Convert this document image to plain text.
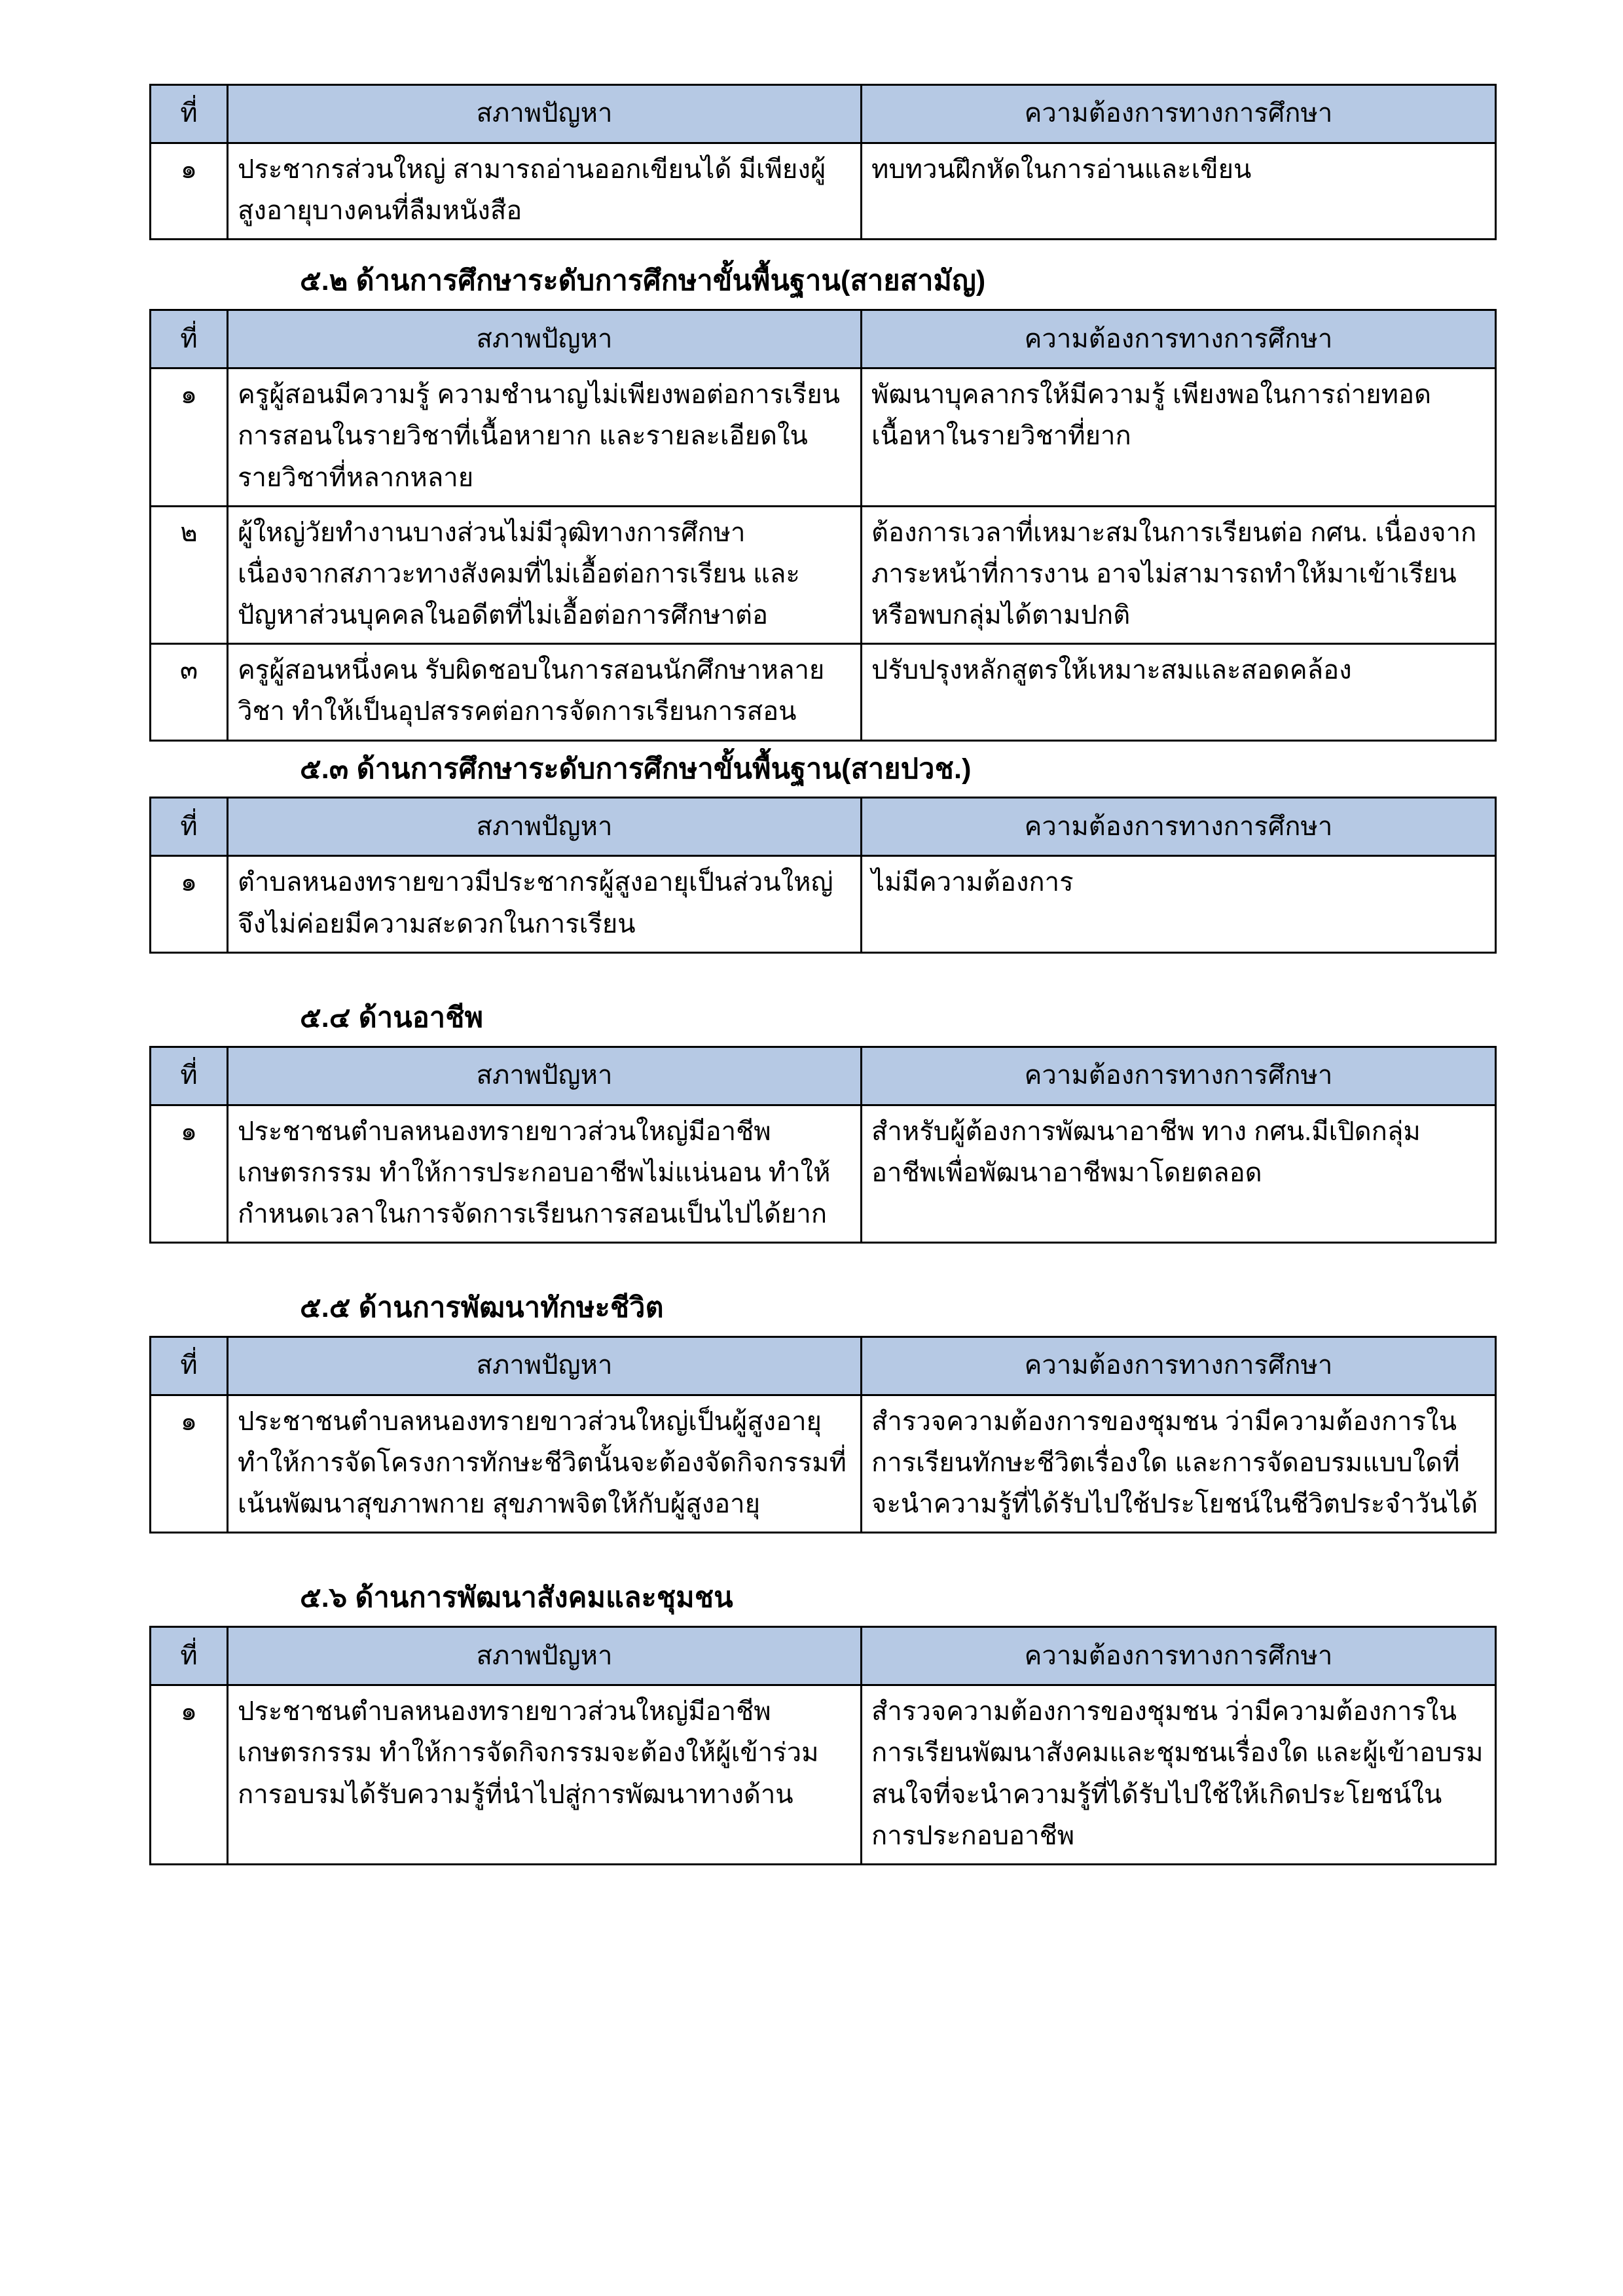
ที่	สภาพปัญหา	ความต้องการทางการศึกษา
๑	ประชากรส่วนใหญ่ สามารถอ่านออกเขียนได้ มีเพียงผู้สูงอายุบางคนที่ลืมหนังสือ	ทบทวนฝึกหัดในการอ่านและเขียน
๕.๒ ด้านการศึกษาระดับการศึกษาขั้นพื้นฐาน(สายสามัญ)
ที่	สภาพปัญหา	ความต้องการทางการศึกษา
๑	ครูผู้สอนมีความรู้ ความชำนาญไม่เพียงพอต่อการเรียนการสอนในรายวิชาที่เนื้อหายาก และรายละเอียดในรายวิชาที่หลากหลาย	พัฒนาบุคลากรให้มีความรู้ เพียงพอในการถ่ายทอดเนื้อหาในรายวิชาที่ยาก
๒	ผู้ใหญ่วัยทำงานบางส่วนไม่มีวุฒิทางการศึกษา เนื่องจากสภาวะทางสังคมที่ไม่เอื้อต่อการเรียน และปัญหาส่วนบุคคลในอดีตที่ไม่เอื้อต่อการศึกษาต่อ	ต้องการเวลาที่เหมาะสมในการเรียนต่อ กศน. เนื่องจากภาระหน้าที่การงาน อาจไม่สามารถทำให้มาเข้าเรียน หรือพบกลุ่มได้ตามปกติ
๓	ครูผู้สอนหนึ่งคน รับผิดชอบในการสอนนักศึกษาหลายวิชา ทำให้เป็นอุปสรรคต่อการจัดการเรียนการสอน	ปรับปรุงหลักสูตรให้เหมาะสมและสอดคล้อง
๕.๓ ด้านการศึกษาระดับการศึกษาขั้นพื้นฐาน(สายปวช.)
ที่	สภาพปัญหา	ความต้องการทางการศึกษา
๑	ตำบลหนองทรายขาวมีประชากรผู้สูงอายุเป็นส่วนใหญ่ จึงไม่ค่อยมีความสะดวกในการเรียน	ไม่มีความต้องการ
๕.๔ ด้านอาชีพ
ที่	สภาพปัญหา	ความต้องการทางการศึกษา
๑	ประชาชนตำบลหนองทรายขาวส่วนใหญ่มีอาชีพเกษตรกรรม ทำให้การประกอบอาชีพไม่แน่นอน ทำให้กำหนดเวลาในการจัดการเรียนการสอนเป็นไปได้ยาก	สำหรับผู้ต้องการพัฒนาอาชีพ ทาง กศน.มีเปิดกลุ่มอาชีพเพื่อพัฒนาอาชีพมาโดยตลอด
๕.๕ ด้านการพัฒนาทักษะชีวิต
ที่	สภาพปัญหา	ความต้องการทางการศึกษา
๑	ประชาชนตำบลหนองทรายขาวส่วนใหญ่เป็นผู้สูงอายุ ทำให้การจัดโครงการทักษะชีวิตนั้นจะต้องจัดกิจกรรมที่เน้นพัฒนาสุขภาพกาย สุขภาพจิตให้กับผู้สูงอายุ	สำรวจความต้องการของชุมชน ว่ามีความต้องการในการเรียนทักษะชีวิตเรื่องใด และการจัดอบรมแบบใดที่จะนำความรู้ที่ได้รับไปใช้ประโยชน์ในชีวิตประจำวันได้
๕.๖ ด้านการพัฒนาสังคมและชุมชน
ที่	สภาพปัญหา	ความต้องการทางการศึกษา
๑	ประชาชนตำบลหนองทรายขาวส่วนใหญ่มีอาชีพเกษตรกรรม ทำให้การจัดกิจกรรมจะต้องให้ผู้เข้าร่วมการอบรมได้รับความรู้ที่นำไปสู่การพัฒนาทางด้าน	สำรวจความต้องการของชุมชน ว่ามีความต้องการในการเรียนพัฒนาสังคมและชุมชนเรื่องใด และผู้เข้าอบรมสนใจที่จะนำความรู้ที่ได้รับไปใช้ให้เกิดประโยชน์ในการประกอบอาชีพ
